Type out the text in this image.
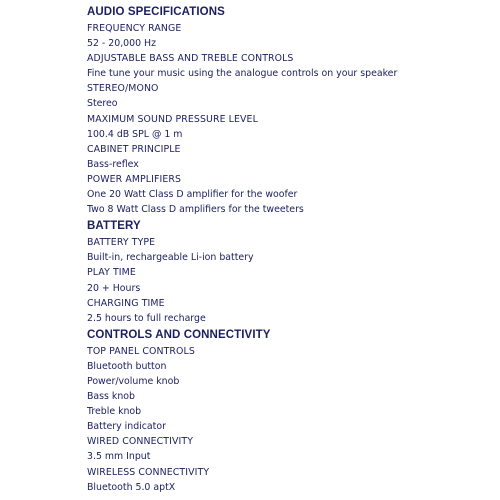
AUDIO SPECIFICATIONS
FREQUENCY RANGE
52 - 20,000 Hz
ADJUSTABLE BASS AND TREBLE CONTROLS
Fine tune your music using the analogue controls on your speaker
STEREO/MONO
Stereo
MAXIMUM SOUND PRESSURE LEVEL
100.4 dB SPL @ 1 m
CABINET PRINCIPLE
Bass-reflex
POWER AMPLIFIERS
One 20 Watt Class D amplifier for the woofer
Two 8 Watt Class D amplifiers for the tweeters
BATTERY
BATTERY TYPE
Built-in, rechargeable Li-ion battery
PLAY TIME
20 + Hours
CHARGING TIME
2.5 hours to full recharge
CONTROLS AND CONNECTIVITY
TOP PANEL CONTROLS
Bluetooth button
Power/volume knob
Bass knob
Treble knob
Battery indicator
WIRED CONNECTIVITY
3.5 mm Input
WIRELESS CONNECTIVITY
Bluetooth 5.0 aptX
